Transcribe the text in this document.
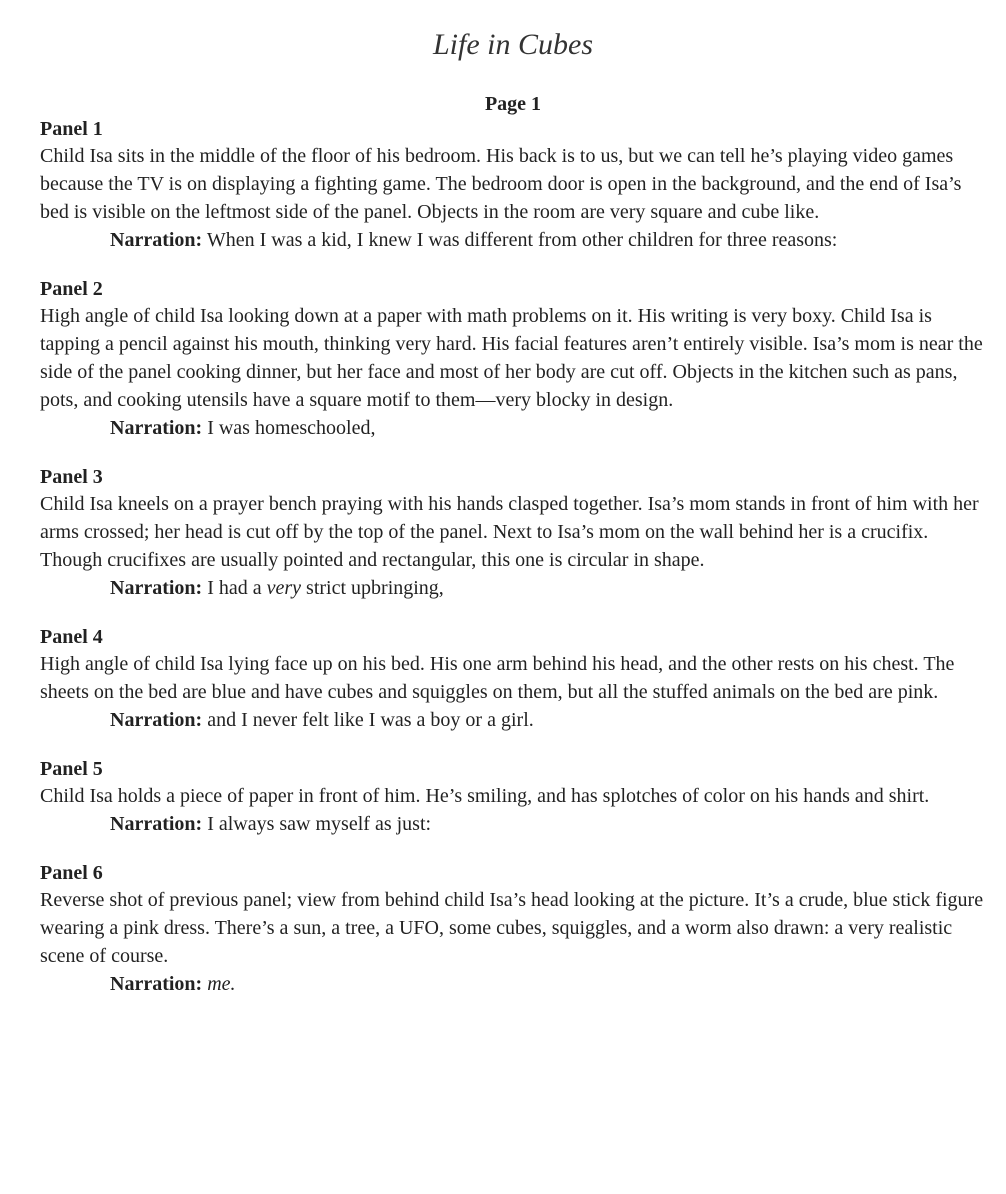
Life in Cubes
Page 1
Panel 1

Child Isa sits in the middle of the floor of his bedroom. His back is to us, but we can tell he’s playing video games because the TV is on displaying a fighting game. The bedroom door is open in the background, and the end of Isa’s bed is visible on the leftmost side of the panel. Objects in the room are very square and cube like.

Narration: When I was a kid, I knew I was different from other children for three reasons:

Panel 2

High angle of child Isa looking down at a paper with math problems on it. His writing is very boxy. Child Isa is tapping a pencil against his mouth, thinking very hard. His facial features aren’t entirely visible. Isa’s mom is near the side of the panel cooking dinner, but her face and most of her body are cut off. Objects in the kitchen such as pans, pots, and cooking utensils have a square motif to them—very blocky in design.

Narration: I was homeschooled,

Panel 3

Child Isa kneels on a prayer bench praying with his hands clasped together. Isa’s mom stands in front of him with her arms crossed; her head is cut off by the top of the panel. Next to Isa’s mom on the wall behind her is a crucifix. Though crucifixes are usually pointed and rectangular, this one is circular in shape.

Narration: I had a very strict upbringing,

Panel 4

High angle of child Isa lying face up on his bed. His one arm behind his head, and the other rests on his chest. The sheets on the bed are blue and have cubes and squiggles on them, but all the stuffed animals on the bed are pink.

Narration: and I never felt like I was a boy or a girl.

Panel 5

Child Isa holds a piece of paper in front of him. He’s smiling, and has splotches of color on his hands and shirt.

Narration: I always saw myself as just:

Panel 6

Reverse shot of previous panel; view from behind child Isa’s head looking at the picture. It’s a crude, blue stick figure wearing a pink dress. There’s a sun, a tree, a UFO, some cubes, squiggles, and a worm also drawn: a very realistic scene of course.

Narration: me.
